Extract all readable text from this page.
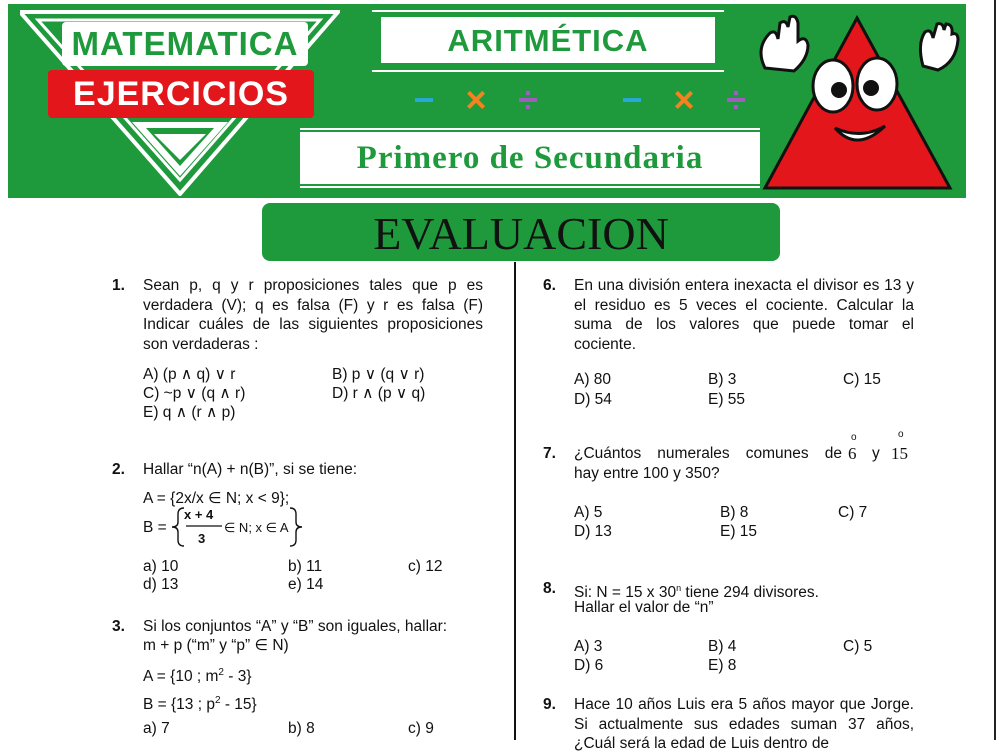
MATEMATICA
EJERCICIOS
ARITMÉTICA
+ − × ÷ + − × ÷
Primero de Secundaria
EVALUACION
1. Sean p, q y r proposiciones tales que p es verdadera (V); q es falsa (F) y r es falsa (F) Indicar cuáles de las siguientes proposiciones son verdaderas :
A) (p ∧ q) ∨ r	B) p ∨ (q ∨ r)
C) ~p ∨ (q ∧ r)	D) r ∧ (p ∨ q)
E) q ∧ (r ∧ p)
2. Hallar “n(A) + n(B)”, si se tiene:
A = {2x/x ∈ N; x < 9};
B =
x + 4
3
∈ N; x ∈ A
a) 10	b) 11	c) 12
d) 13	e) 14
3. Si los conjuntos “A” y “B” son iguales, hallar:
m + p (“m” y “p” ∈ N)
A = {10 ; $m^2 - 3$}
B = {13 ; $p^2 - 15$}
a) 7	b) 8	c) 9
6. En una división entera inexacta el divisor es 13 y el residuo es 5 veces el cociente. Calcular la suma de los valores que puede tomar el cociente.
A) 80	B) 3	C) 15
D) 54	E) 55
7. ¿Cuántos numerales comunes de
o
6 y
o
15
hay entre 100 y 350?
A) 5	B) 8	C) 7
D) 13	E) 15
8. Si: N = 15 x 30$^n$ tiene 294 divisores.
Hallar el valor de “n”
A) 3	B) 4	C) 5
D) 6	E) 8
9. Hace 10 años Luis era 5 años mayor que Jorge. Si actualmente sus edades suman 37 años, ¿Cuál será la edad de Luis dentro de
